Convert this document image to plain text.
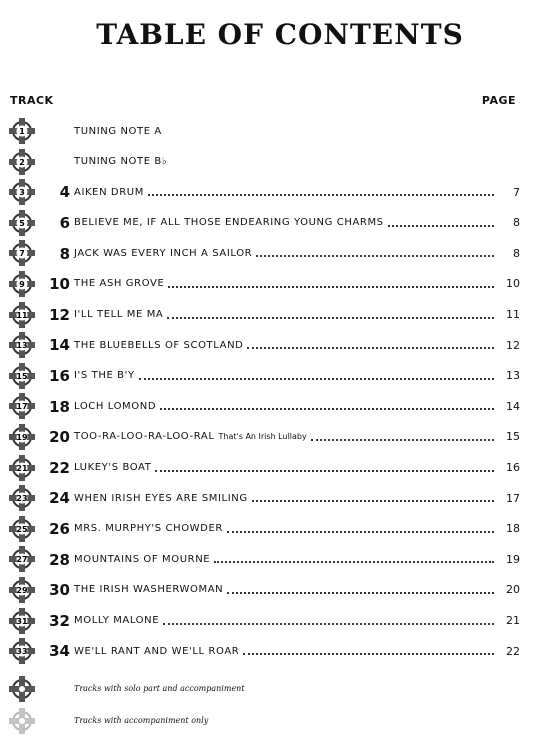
TABLE OF CONTENTS
TRACK	PAGE
1	TUNING NOTE A
2	TUNING NOTE B♭
3	4 AIKEN DRUM	7
5	6 BELIEVE ME, IF ALL THOSE ENDEARING YOUNG CHARMS	8
7	8 JACK WAS EVERY INCH A SAILOR	8
9	10 THE ASH GROVE	10
11	12 I'LL TELL ME MA	11
13	14 THE BLUEBELLS OF SCOTLAND	12
15	16 I'S THE B'Y	13
17	18 LOCH LOMOND	14
19	20 TOO-RA-LOO-RA-LOO-RAL That's An Irish Lullaby	15
21	22 LUKEY'S BOAT	16
23	24 WHEN IRISH EYES ARE SMILING	17
25	26 MRS. MURPHY'S CHOWDER	18
27	28 MOUNTAINS OF MOURNE	19
29	30 THE IRISH WASHERWOMAN	20
31	32 MOLLY MALONE	21
33	34 WE'LL RANT AND WE'LL ROAR	22
Tracks with solo part and accompaniment
Tracks with accompaniment only
